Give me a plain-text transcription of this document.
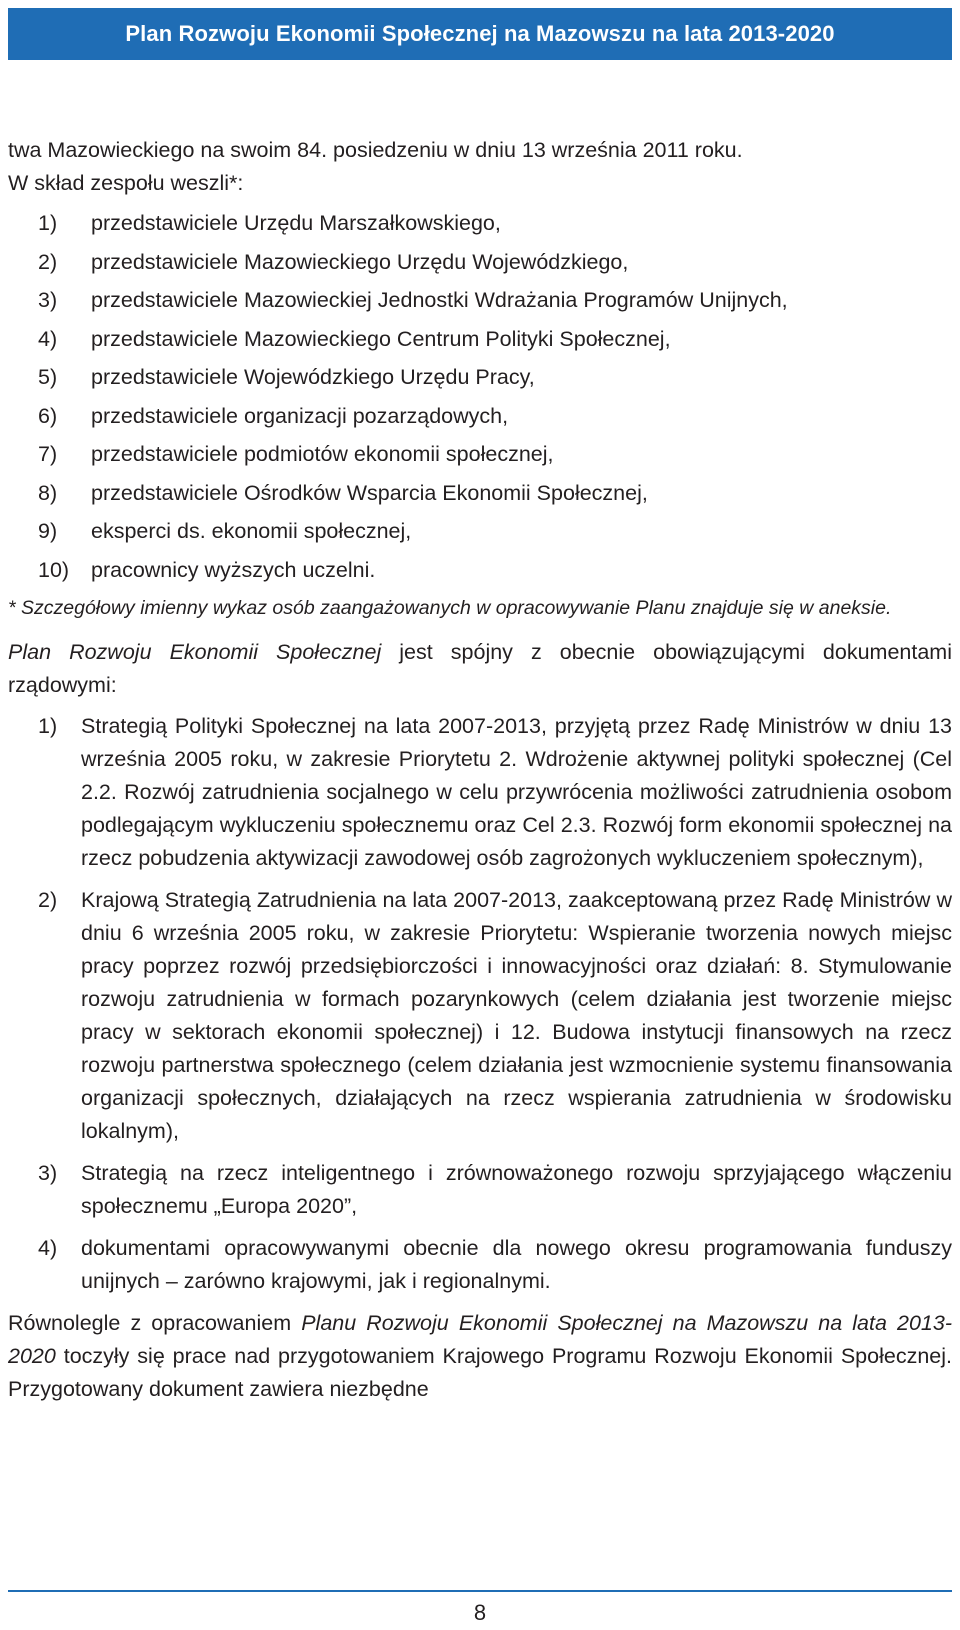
Plan Rozwoju Ekonomii Społecznej na Mazowszu na lata 2013-2020

twa Mazowieckiego na swoim 84. posiedzeniu w dniu 13 września 2011 roku.

W skład zespołu weszli*:

1) przedstawiciele Urzędu Marszałkowskiego,
2) przedstawiciele Mazowieckiego Urzędu Wojewódzkiego,
3) przedstawiciele Mazowieckiej Jednostki Wdrażania Programów Unijnych,
4) przedstawiciele Mazowieckiego Centrum Polityki Społecznej,
5) przedstawiciele Wojewódzkiego Urzędu Pracy,
6) przedstawiciele organizacji pozarządowych,
7) przedstawiciele podmiotów ekonomii społecznej,
8) przedstawiciele Ośrodków Wsparcia Ekonomii Społecznej,
9) eksperci ds. ekonomii społecznej,
10) pracownicy wyższych uczelni.

* Szczegółowy imienny wykaz osób zaangażowanych w opracowywanie Planu znajduje się w aneksie.

Plan Rozwoju Ekonomii Społecznej jest spójny z obecnie obowiązującymi dokumentami rządowymi:

1) Strategią Polityki Społecznej na lata 2007-2013, przyjętą przez Radę Ministrów w dniu 13 września 2005 roku, w zakresie Priorytetu 2. Wdrożenie aktywnej polityki społecznej (Cel 2.2. Rozwój zatrudnienia socjalnego w celu przywrócenia możliwości zatrudnienia osobom podlegającym wykluczeniu społecznemu oraz Cel 2.3. Rozwój form ekonomii społecznej na rzecz pobudzenia aktywizacji zawodowej osób zagrożonych wykluczeniem społecznym),
2) Krajową Strategią Zatrudnienia na lata 2007-2013, zaakceptowaną przez Radę Ministrów w dniu 6 września 2005 roku, w zakresie Priorytetu: Wspieranie tworzenia nowych miejsc pracy poprzez rozwój przedsiębiorczości i innowacyjności oraz działań: 8. Stymulowanie rozwoju zatrudnienia w formach pozarynkowych (celem działania jest tworzenie miejsc pracy w sektorach ekonomii społecznej) i 12. Budowa instytucji finansowych na rzecz rozwoju partnerstwa społecznego (celem działania jest wzmocnienie systemu finansowania organizacji społecznych, działających na rzecz wspierania zatrudnienia w środowisku lokalnym),
3) Strategią na rzecz inteligentnego i zrównoważonego rozwoju sprzyjającego włączeniu społecznemu „Europa 2020”,
4) dokumentami opracowywanymi obecnie dla nowego okresu programowania funduszy unijnych – zarówno krajowymi, jak i regionalnymi.

Równolegle z opracowaniem Planu Rozwoju Ekonomii Społecznej na Mazowszu na lata 2013-2020 toczyły się prace nad przygotowaniem Krajowego Programu Rozwoju Ekonomii Społecznej. Przygotowany dokument zawiera niezbędne

8
